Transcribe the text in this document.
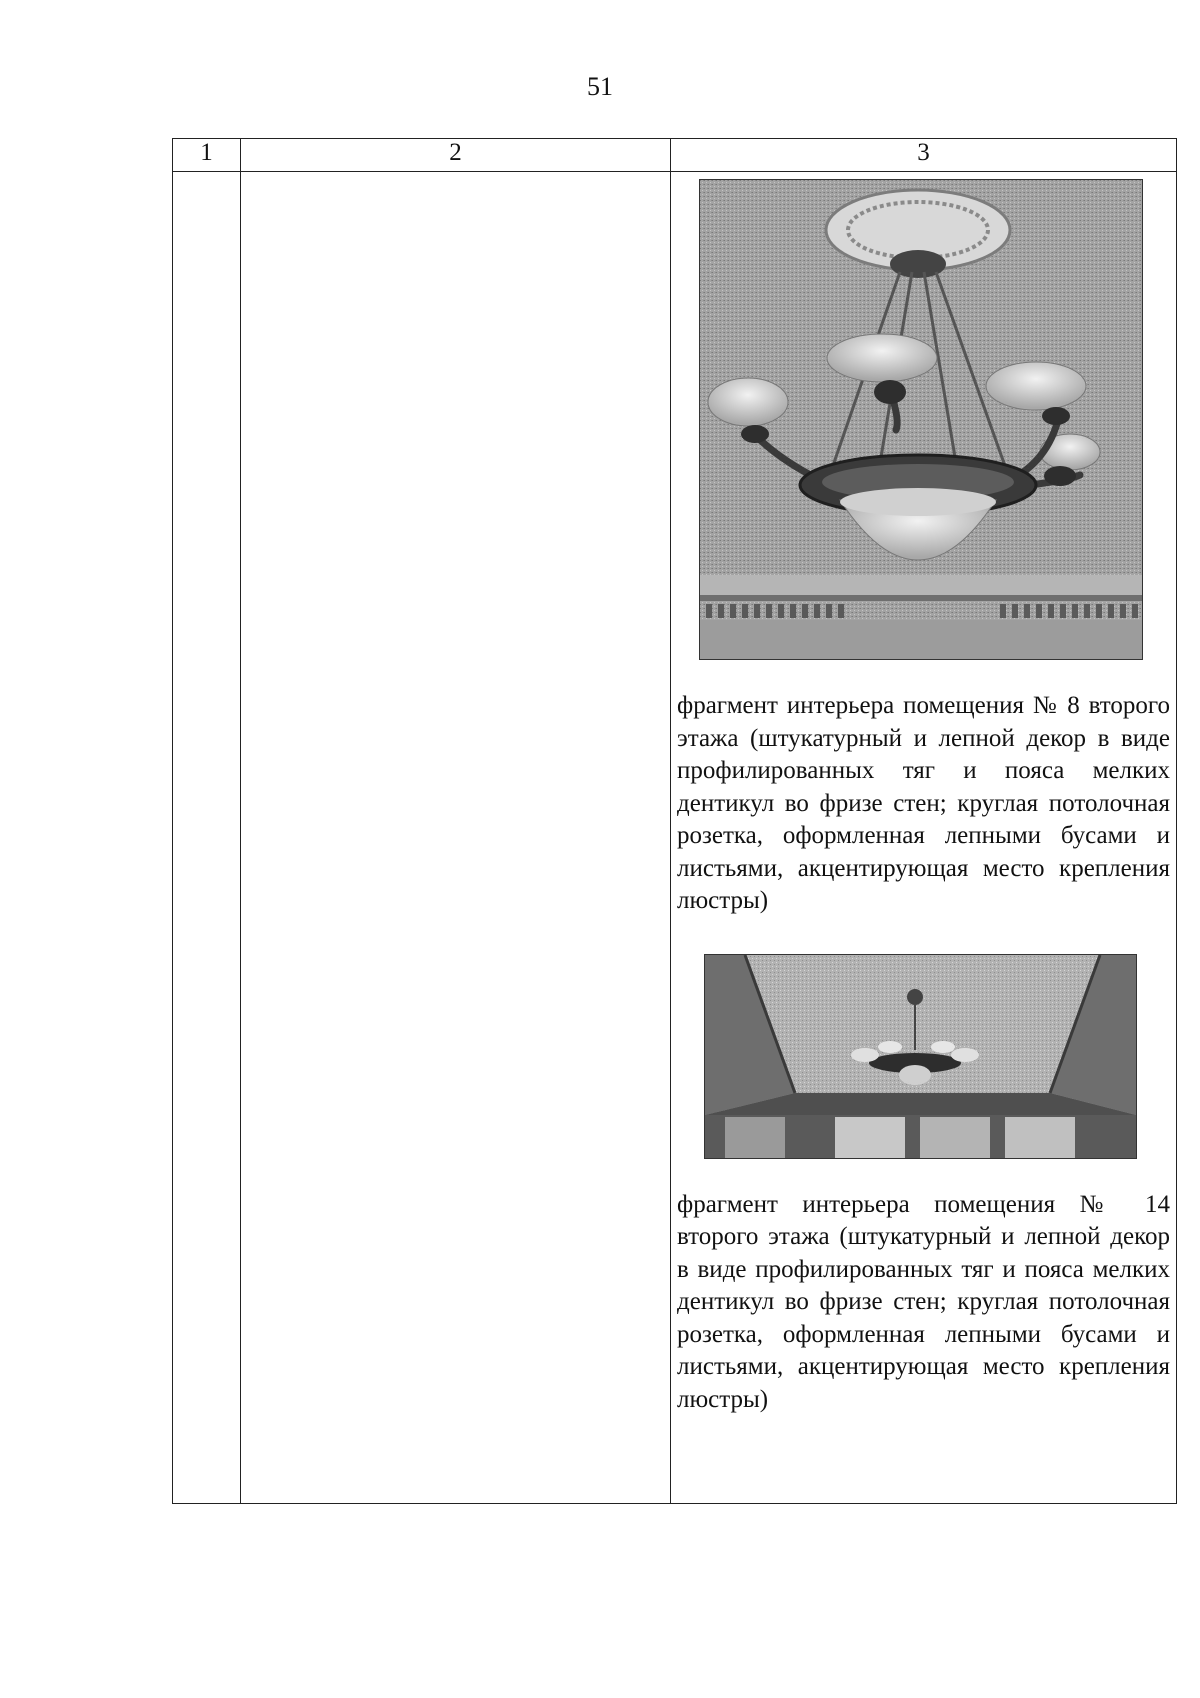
51
1	2	3

		фрагмент интерьера помещения № 8 второго этажа (штукатурный и лепной декор в виде профилированных тяг и пояса мелких дентикул во фризе стен; круглая потолочная розетка, оформленная лепными бусами и листьями, акцентирующая место крепления люстры)
фрагмент интерьера помещения № 14 второго этажа (штукатурный и лепной декор в виде профилированных тяг и пояса мелких дентикул во фризе стен; круглая потолочная розетка, оформленная лепными бусами и листьями, акцентирующая место крепления люстры)
